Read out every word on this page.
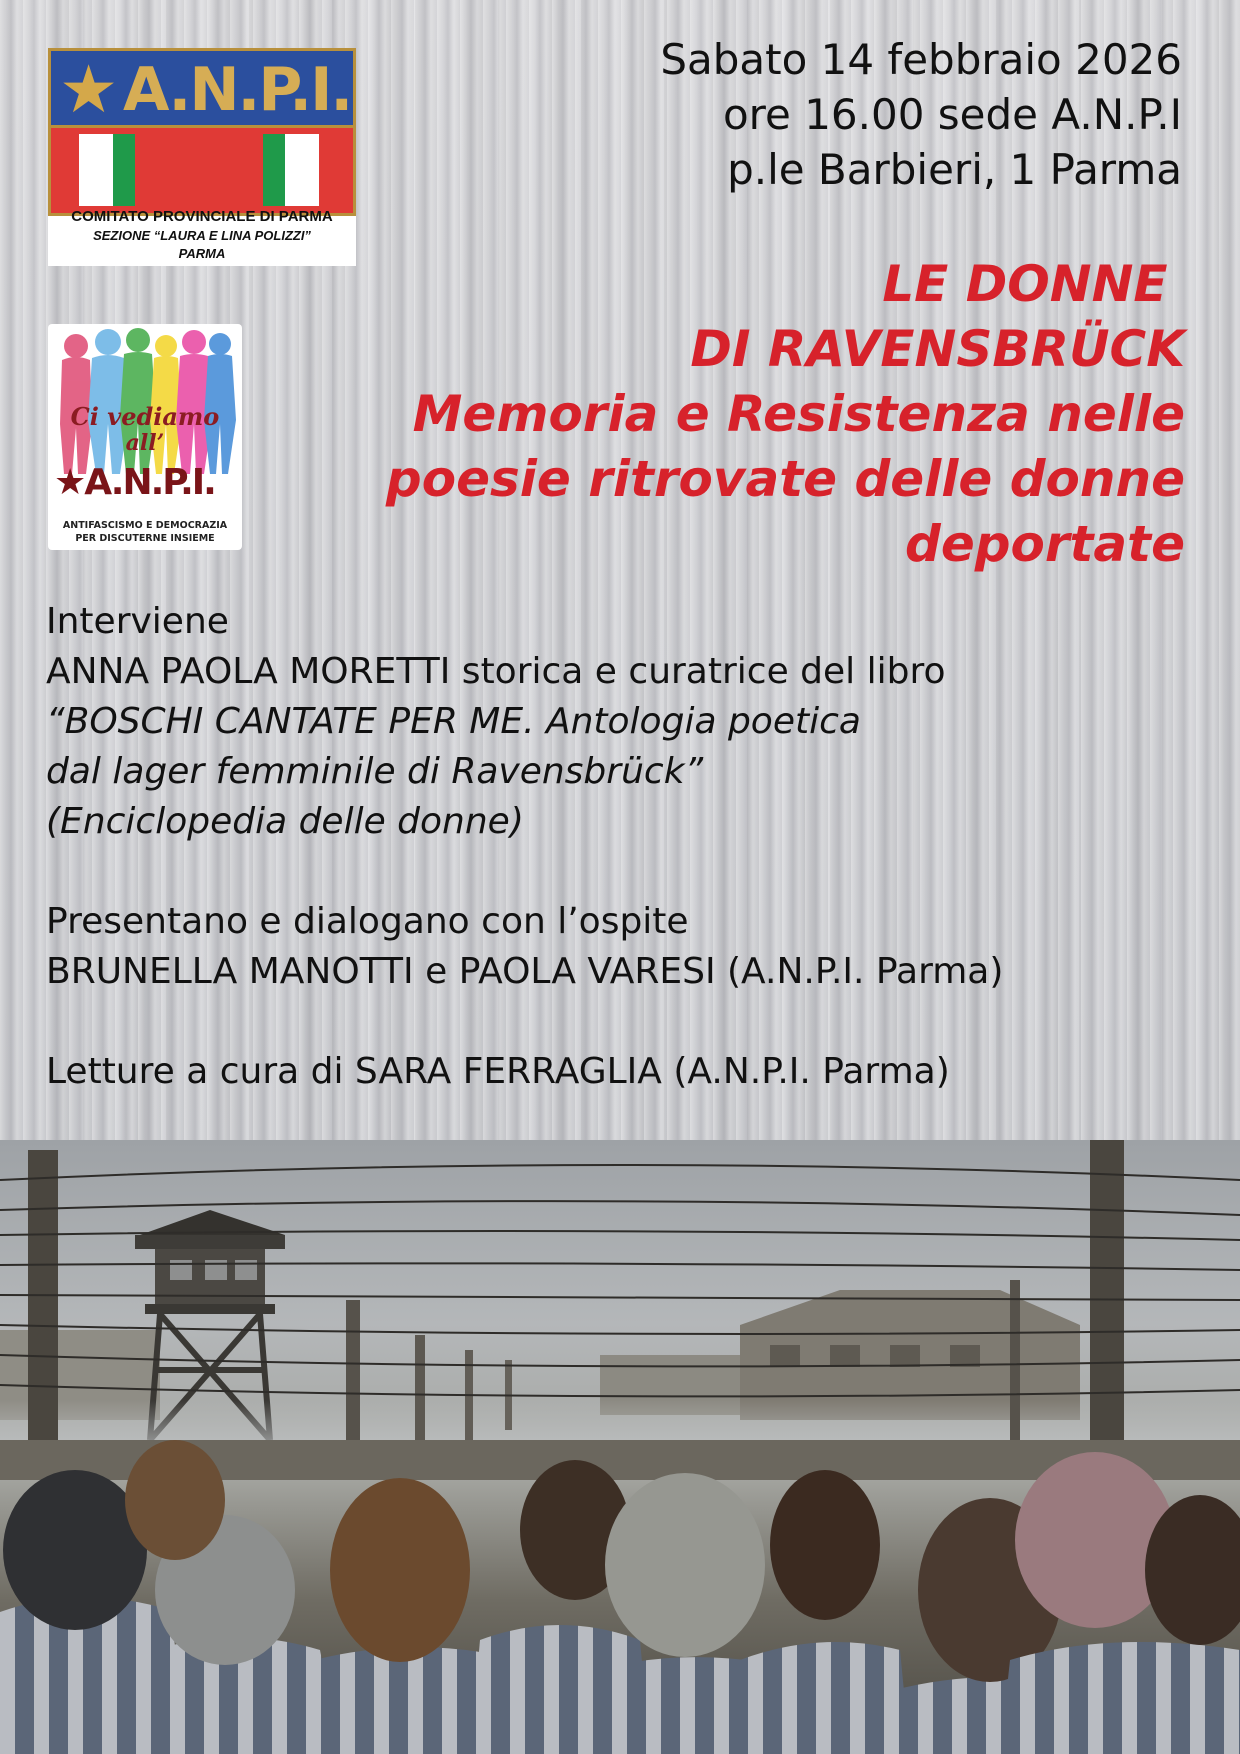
★ A.N.P.I.
COMITATO PROVINCIALE DI PARMA
SEZIONE “LAURA E LINA POLIZZI”
PARMA
Ci vediamo
all’
★A.N.P.I.
ANTIFASCISMO E DEMOCRAZIA
PER DISCUTERNE INSIEME
Sabato 14 febbraio 2026
ore 16.00 sede A.N.P.I
p.le Barbieri, 1 Parma
LE DONNE
DI RAVENSBRÜCK
Memoria e Resistenza nelle
poesie ritrovate delle donne
deportate
Interviene
ANNA PAOLA MORETTI storica e curatrice del libro
“BOSCHI CANTATE PER ME. Antologia poetica
dal lager femminile di Ravensbrück”
(Enciclopedia delle donne)
Presentano e dialogano con l’ospite
BRUNELLA MANOTTI e PAOLA VARESI (A.N.P.I. Parma)
Letture a cura di SARA FERRAGLIA (A.N.P.I. Parma)
